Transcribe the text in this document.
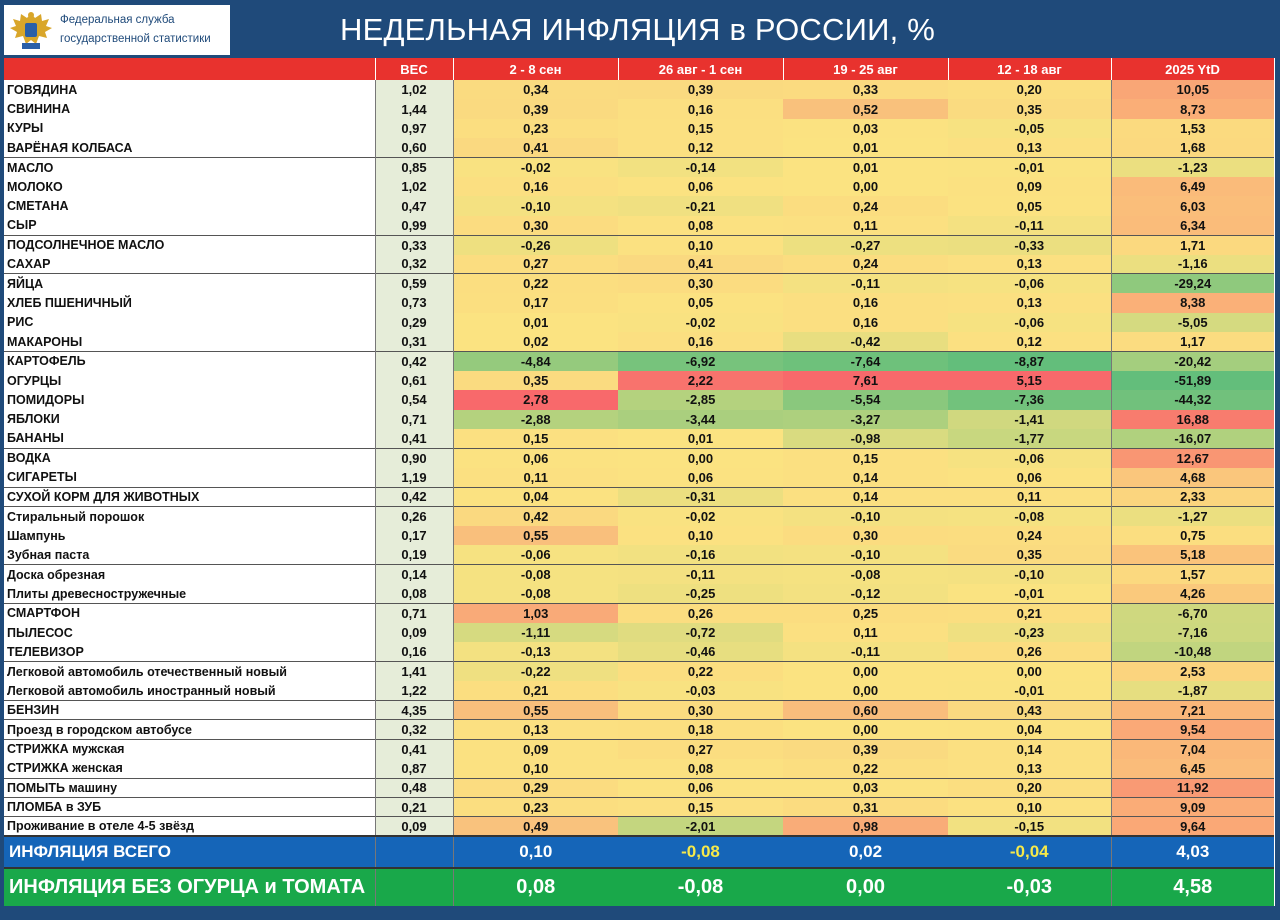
Федеральная служба
государственной статистики	НЕДЕЛЬНАЯ ИНФЛЯЦИЯ в РОССИИ, %
	ВЕС	2 - 8 сен	26 авг - 1 сен	19 - 25 авг	12 - 18 авг	2025 YtD
ГОВЯДИНА	1,02	0,34	0,39	0,33	0,20	10,05
СВИНИНА	1,44	0,39	0,16	0,52	0,35	8,73
КУРЫ	0,97	0,23	0,15	0,03	-0,05	1,53
ВАРЁНАЯ КОЛБАСА	0,60	0,41	0,12	0,01	0,13	1,68
МАСЛО	0,85	-0,02	-0,14	0,01	-0,01	-1,23
МОЛОКО	1,02	0,16	0,06	0,00	0,09	6,49
СМЕТАНА	0,47	-0,10	-0,21	0,24	0,05	6,03
СЫР	0,99	0,30	0,08	0,11	-0,11	6,34
ПОДСОЛНЕЧНОЕ МАСЛО	0,33	-0,26	0,10	-0,27	-0,33	1,71
САХАР	0,32	0,27	0,41	0,24	0,13	-1,16
ЯЙЦА	0,59	0,22	0,30	-0,11	-0,06	-29,24
ХЛЕБ ПШЕНИЧНЫЙ	0,73	0,17	0,05	0,16	0,13	8,38
РИС	0,29	0,01	-0,02	0,16	-0,06	-5,05
МАКАРОНЫ	0,31	0,02	0,16	-0,42	0,12	1,17
КАРТОФЕЛЬ	0,42	-4,84	-6,92	-7,64	-8,87	-20,42
ОГУРЦЫ	0,61	0,35	2,22	7,61	5,15	-51,89
ПОМИДОРЫ	0,54	2,78	-2,85	-5,54	-7,36	-44,32
ЯБЛОКИ	0,71	-2,88	-3,44	-3,27	-1,41	16,88
БАНАНЫ	0,41	0,15	0,01	-0,98	-1,77	-16,07
ВОДКА	0,90	0,06	0,00	0,15	-0,06	12,67
СИГАРЕТЫ	1,19	0,11	0,06	0,14	0,06	4,68
СУХОЙ КОРМ ДЛЯ ЖИВОТНЫХ	0,42	0,04	-0,31	0,14	0,11	2,33
Стиральный порошок	0,26	0,42	-0,02	-0,10	-0,08	-1,27
Шампунь	0,17	0,55	0,10	0,30	0,24	0,75
Зубная паста	0,19	-0,06	-0,16	-0,10	0,35	5,18
Доска обрезная	0,14	-0,08	-0,11	-0,08	-0,10	1,57
Плиты древесностружечные	0,08	-0,08	-0,25	-0,12	-0,01	4,26
СМАРТФОН	0,71	1,03	0,26	0,25	0,21	-6,70
ПЫЛЕСОС	0,09	-1,11	-0,72	0,11	-0,23	-7,16
ТЕЛЕВИЗОР	0,16	-0,13	-0,46	-0,11	0,26	-10,48
Легковой автомобиль отечественный новый	1,41	-0,22	0,22	0,00	0,00	2,53
Легковой автомобиль иностранный новый	1,22	0,21	-0,03	0,00	-0,01	-1,87
БЕНЗИН	4,35	0,55	0,30	0,60	0,43	7,21
Проезд в городском автобусе	0,32	0,13	0,18	0,00	0,04	9,54
СТРИЖКА мужская	0,41	0,09	0,27	0,39	0,14	7,04
СТРИЖКА женская	0,87	0,10	0,08	0,22	0,13	6,45
ПОМЫТЬ машину	0,48	0,29	0,06	0,03	0,20	11,92
ПЛОМБА в ЗУБ	0,21	0,23	0,15	0,31	0,10	9,09
Проживание в отеле 4-5 звёзд	0,09	0,49	-2,01	0,98	-0,15	9,64
ИНФЛЯЦИЯ ВСЕГО		0,10	-0,08	0,02	-0,04	4,03
ИНФЛЯЦИЯ БЕЗ ОГУРЦА и ТОМАТА		0,08	-0,08	0,00	-0,03	4,58
